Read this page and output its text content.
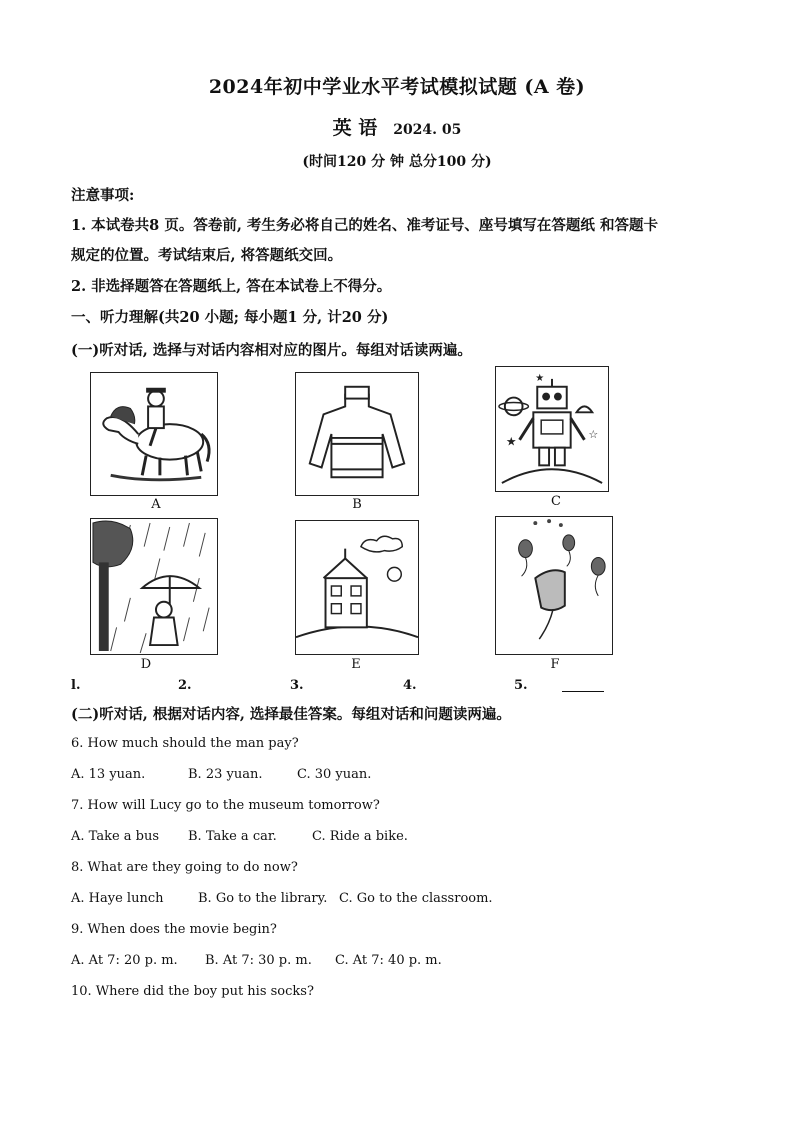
2024年初中学业水平考试模拟试题 (A 卷)
英 语 2024. 05
(时间120 分 钟 总分100 分)
注意事项:
1. 本试卷共8 页。答卷前, 考生务必将自己的姓名、准考证号、座号填写在答题纸 和答题卡
规定的位置。考试结束后, 将答题纸交回。
2. 非选择题答在答题纸上, 答在本试卷上不得分。
一、听力理解(共20 小题; 每小题1 分, 计20 分)
(一)听对话, 选择与对话内容相对应的图片。每组对话读两遍。
A	B
★
☆
★
C
D	E	F
l.	2.	3.	4.	5.
(二)听对话, 根据对话内容, 选择最佳答案。每组对话和问题读两遍。
6. How much should the man pay?
A. 13 yuan.	B. 23 yuan.	C. 30 yuan.
7. How will Lucy go to the museum tomorrow?
A. Take a bus B. Take a car.	C. Ride a bike.
8. What are they going to do now?
A. Haye lunch	B. Go to the library. C. Go to the classroom.
9. When does the movie begin?
A. At 7: 20 p. m. B. At 7: 30 p. m. C. At 7: 40 p. m.
10. Where did the boy put his socks?
